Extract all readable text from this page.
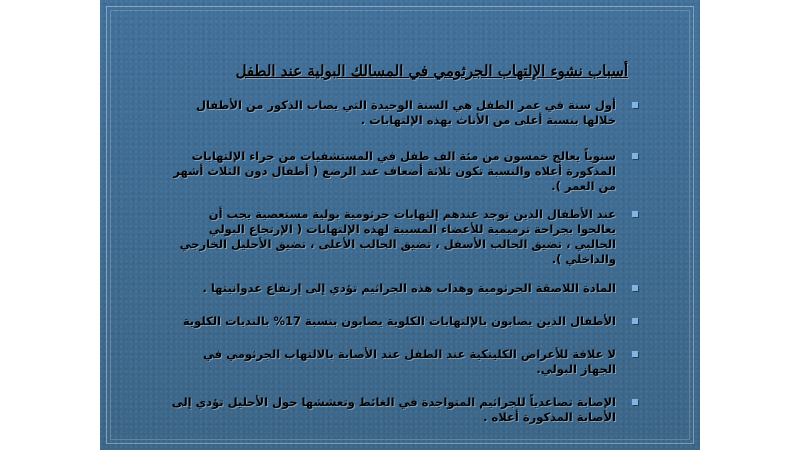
أسباب نشوء الإلتهاب الجرثومي في المسالك البولية عند الطفل
أول سنة في عمر الطفل هي السنة الوحيدة التي يصاب الذكور من الأطفال خلالها بنسبة أعلى من الأناث بهذه الإلتهابات .
سنوياً يعالج خمسون من مئة الف طفل في المستشفيات من جراء الإلتهابات المذكورة أعلاه والنسبة تكون ثلاثة أضعاف عند الرضع ( أطفال دون الثلاث أشهر من العمر ).
عند الأطفال الذين توجد عندهم إلتهابات جرثومية بولية مستعصية يجب أن يعالجوا بجراحة ترميمية للأعضاء المسببة لهذه الإلتهابات ( الإرتجاع البولي الحالبي ، تضيق الحالب الأسفل ، تضيق الحالب الأعلى ، تضيق الأحليل الخارجي والداخلي ).
المادة اللاصقة الجرثومية وهداب هذه الجراثيم تؤدي إلى إرتفاع عدوانيتها .
الأطفال الذين يصابون بالإلتهابات الكلوية يصابون بنسبة 17% بالندبات الكلوية
لا علاقة للأعراض الكلينكية عند الطفل عند الأصابة بالالتهاب الجرثومي في الجهاز البولي.
الإصابة تصاعدياً للجراثيم المتواجدة في الغائط وتعششها حول الأحليل تؤدي إلى الأصابة المذكورة أعلاه .
